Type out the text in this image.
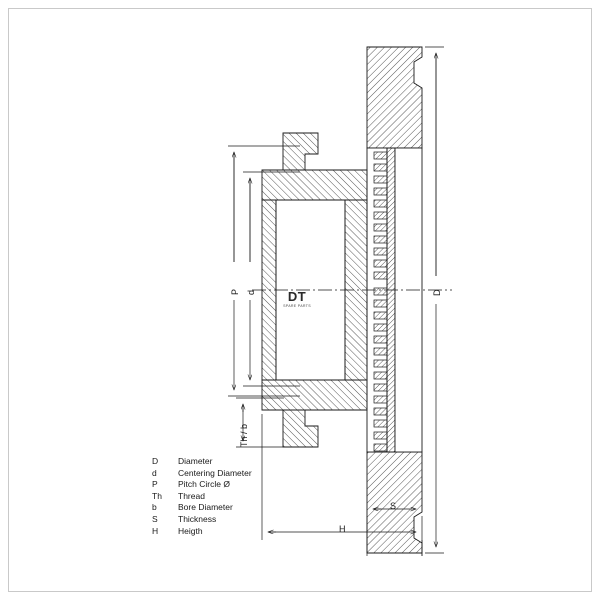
P d	D
Th / b
S
H
DT
SPARE PARTS
D	Diameter
d	Centering Diameter
P	Pitch Circle Ø
Th	Thread
b	Bore Diameter
S	Thickness
H	Heigth
